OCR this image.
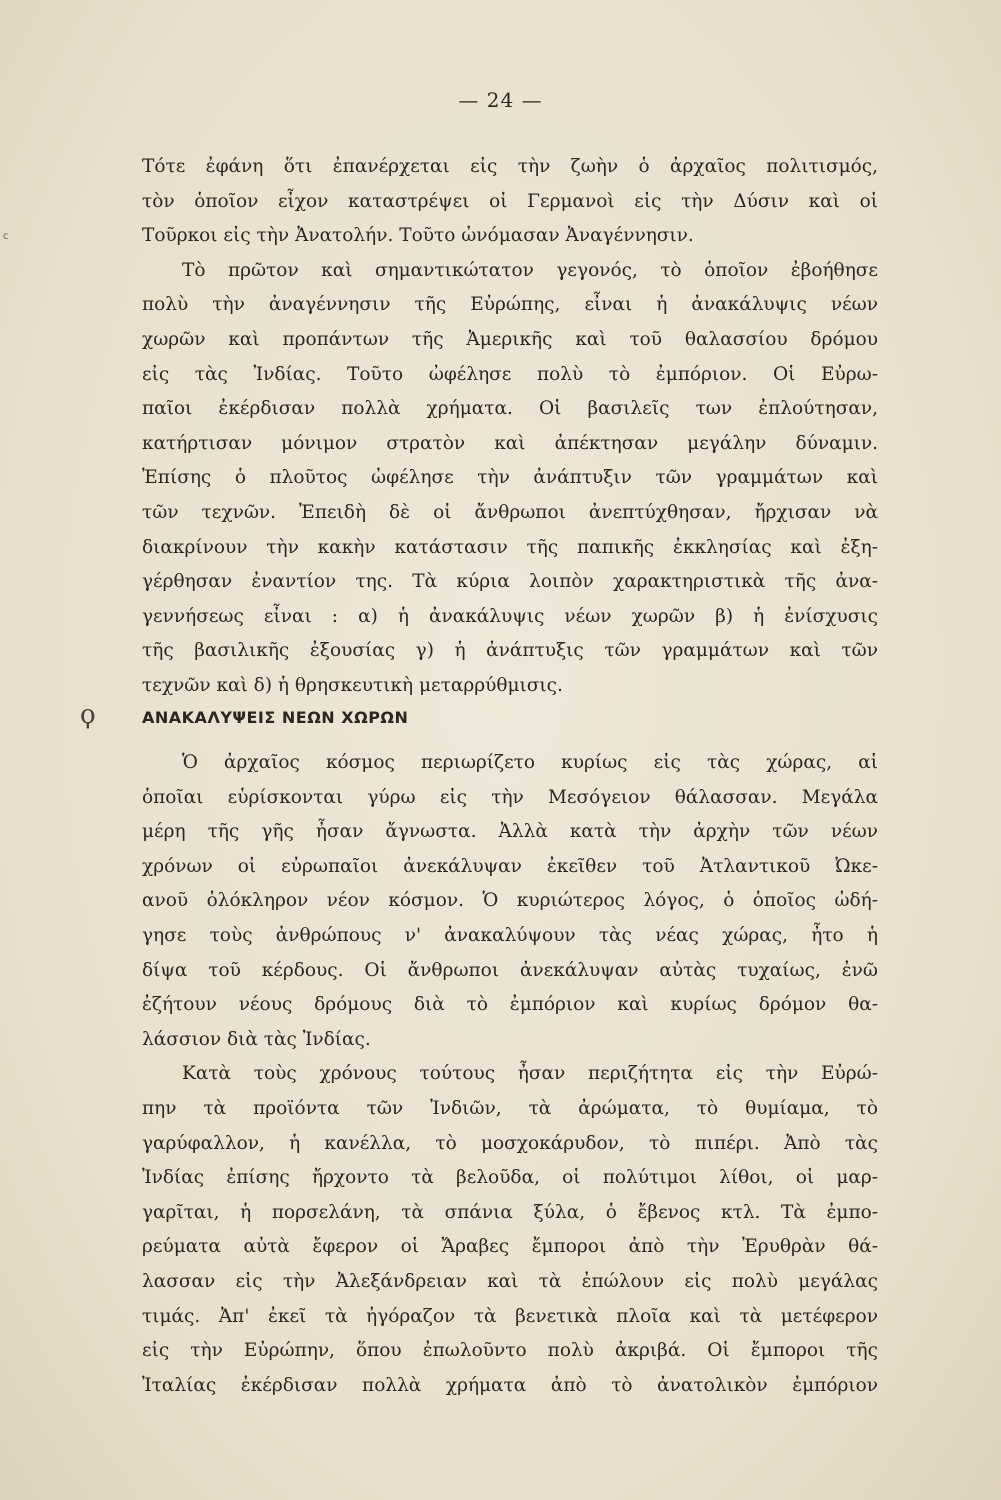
— 24 —
c
Τότε ἐφάνη ὅτι ἐπανέρχεται εἰς τὴν ζωὴν ὁ ἀρχαῖος πολιτισμός,
τὸν ὁποῖον εἶχον καταστρέψει οἱ Γερμανοὶ εἰς τὴν Δύσιν καὶ οἱ
Τοῦρκοι εἰς τὴν Ἀνατολήν. Τοῦτο ὠνόμασαν Ἀναγέννησιν.
Τὸ πρῶτον καὶ σημαντικώτατον γεγονός, τὸ ὁποῖον ἐβοήθησε
πολὺ τὴν ἀναγέννησιν τῆς Εὐρώπης, εἶναι ἡ ἀνακάλυψις νέων
χωρῶν καὶ προπάντων τῆς Ἀμερικῆς καὶ τοῦ θαλασσίου δρόμου
εἰς τὰς Ἰνδίας. Τοῦτο ὠφέλησε πολὺ τὸ ἐμπόριον. Οἱ Εὐρω-
παῖοι ἐκέρδισαν πολλὰ χρήματα. Οἱ βασιλεῖς των ἐπλούτησαν,
κατήρτισαν μόνιμον στρατὸν καὶ ἀπέκτησαν μεγάλην δύναμιν.
Ἐπίσης ὁ πλοῦτος ὠφέλησε τὴν ἀνάπτυξιν τῶν γραμμάτων καὶ
τῶν τεχνῶν. Ἐπειδὴ δὲ οἱ ἄνθρωποι ἀνεπτύχθησαν, ἤρχισαν νὰ
διακρίνουν τὴν κακὴν κατάστασιν τῆς παπικῆς ἐκκλησίας καὶ ἐξη-
γέρθησαν ἐναντίον της. Τὰ κύρια λοιπὸν χαρακτηριστικὰ τῆς ἀνα-
γεννήσεως εἶναι : α) ἡ ἀνακάλυψις νέων χωρῶν β) ἡ ἐνίσχυσις
τῆς βασιλικῆς ἐξουσίας γ) ἡ ἀνάπτυξις τῶν γραμμάτων καὶ τῶν
τεχνῶν καὶ δ) ἡ θρησκευτικὴ μεταρρύθμισις.
ϙ	ΑΝΑΚΑΛΥΨΕΙΣ ΝΕΩΝ ΧΩΡΩΝ
Ὁ ἀρχαῖος κόσμος περιωρίζετο κυρίως εἰς τὰς χώρας, αἱ
ὁποῖαι εὑρίσκονται γύρω εἰς τὴν Μεσόγειον θάλασσαν. Μεγάλα
μέρη τῆς γῆς ἦσαν ἄγνωστα. Ἀλλὰ κατὰ τὴν ἀρχὴν τῶν νέων
χρόνων οἱ εὐρωπαῖοι ἀνεκάλυψαν ἐκεῖθεν τοῦ Ἀτλαντικοῦ Ὠκε-
ανοῦ ὁλόκληρον νέον κόσμον. Ὁ κυριώτερος λόγος, ὁ ὁποῖος ὡδή-
γησε τοὺς ἀνθρώπους ν' ἀνακαλύψουν τὰς νέας χώρας, ἦτο ἡ
δίψα τοῦ κέρδους. Οἱ ἄνθρωποι ἀνεκάλυψαν αὐτὰς τυχαίως, ἐνῶ
ἐζήτουν νέους δρόμους διὰ τὸ ἐμπόριον καὶ κυρίως δρόμον θα-
λάσσιον διὰ τὰς Ἰνδίας.
Κατὰ τοὺς χρόνους τούτους ἦσαν περιζήτητα εἰς τὴν Εὐρώ-
πην τὰ προϊόντα τῶν Ἰνδιῶν, τὰ ἀρώματα, τὸ θυμίαμα, τὸ
γαρύφαλλον, ἡ κανέλλα, τὸ μοσχοκάρυδον, τὸ πιπέρι. Ἀπὸ τὰς
Ἰνδίας ἐπίσης ἤρχοντο τὰ βελοῦδα, οἱ πολύτιμοι λίθοι, οἱ μαρ-
γαρῖται, ἡ πορσελάνη, τὰ σπάνια ξύλα, ὁ ἔβενος κτλ. Τὰ ἐμπο-
ρεύματα αὐτὰ ἔφερον οἱ Ἄραβες ἔμποροι ἀπὸ τὴν Ἐρυθρὰν θά-
λασσαν εἰς τὴν Ἀλεξάνδρειαν καὶ τὰ ἐπώλουν εἰς πολὺ μεγάλας
τιμάς. Ἀπ' ἐκεῖ τὰ ἠγόραζον τὰ βενετικὰ πλοῖα καὶ τὰ μετέφερον
εἰς τὴν Εὐρώπην, ὅπου ἐπωλοῦντο πολὺ ἀκριβά. Οἱ ἔμποροι τῆς
Ἰταλίας ἐκέρδισαν πολλὰ χρήματα ἀπὸ τὸ ἀνατολικὸν ἐμπόριον
